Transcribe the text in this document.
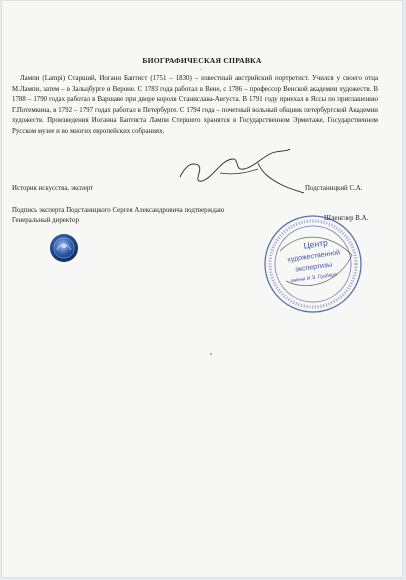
БИОГРАФИЧЕСКАЯ СПРАВКА
-
Лампи (Lampi) Старший, Иоганн Баптист (1751 – 1830) – известный австрийский портретист. Учился у своего отца М.Лампи, затем – в Зальцбурге и Вероне. С 1783 года работал в Вене, с 1786 – профессор Венской академии художеств. В 1788 – 1790 годах работал в Варшаве при дворе короля Станислава-Августа. В 1791 году приехал в Яссы по приглашению Г.Потемкина, в 1792 – 1797 годах работал в Петербурге. С 1794 года – почетный вольный общник петербургской Академии художеств. Произведения Иоганна Баптиста Лампи Стершего хранятся в Государственном Эрмитаже, Государственном Русском музее и во многих европейских собраниях.
Историк искусства, эксперт	Подстаницкий С.А.
Подпись эксперта Подстаницкого Сергея Александровича подтверждаю
Генеральный директор	Шленглер В.А.
Центр
художественной
экспертизы
имени И.Э. Грабаря
